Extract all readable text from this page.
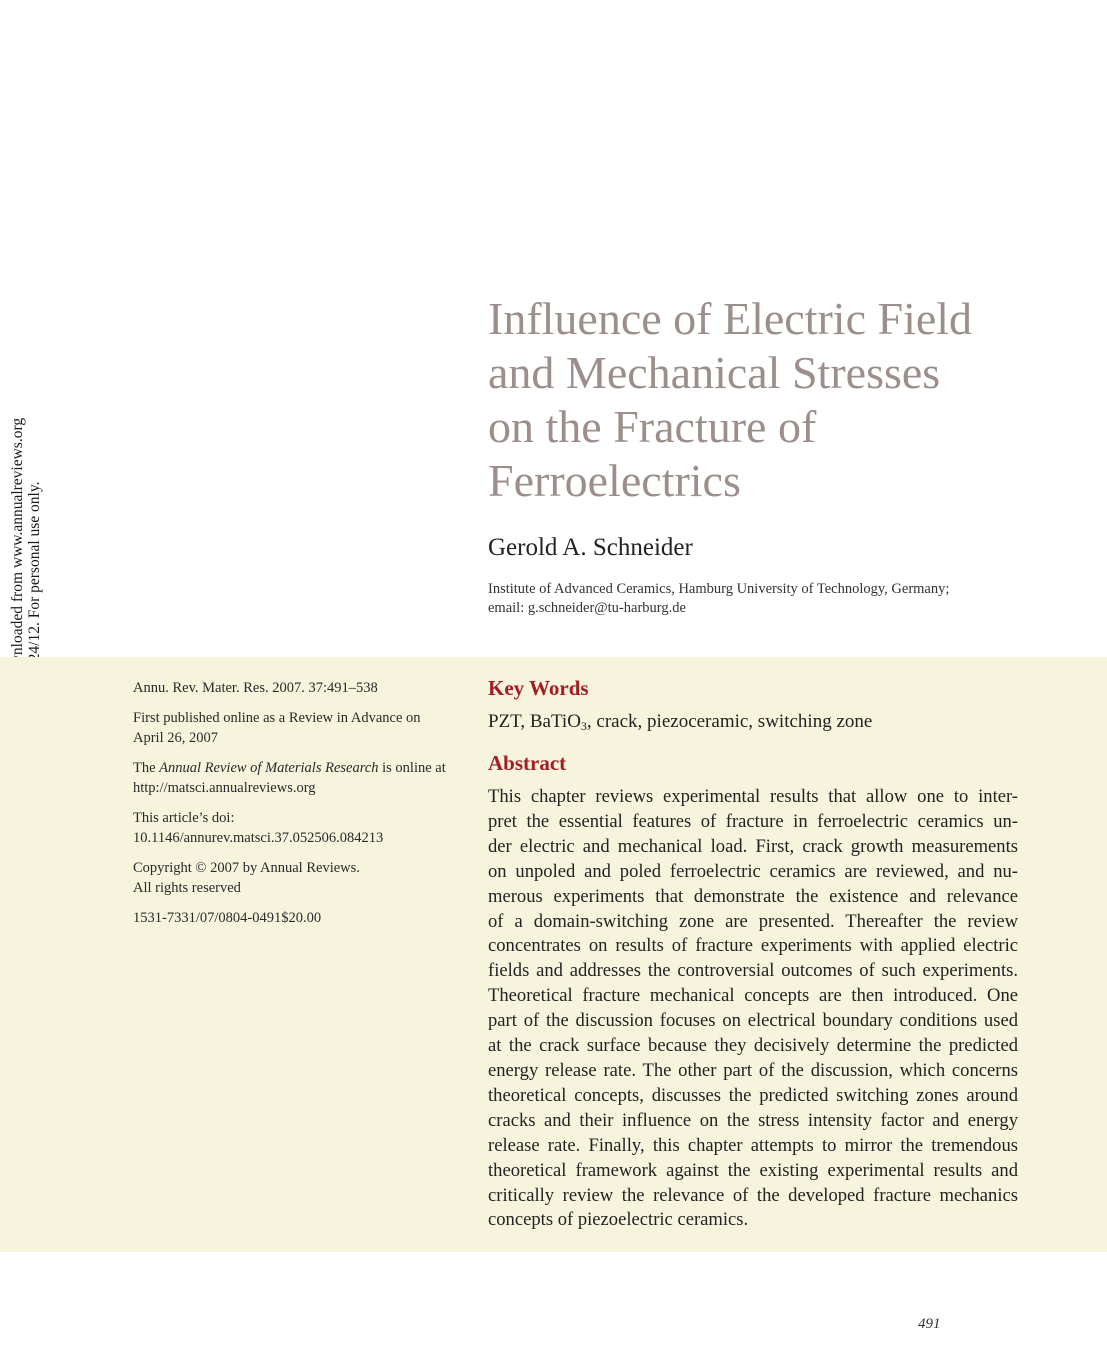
Influence of Electric Field
and Mechanical Stresses
on the Fracture of
Ferroelectrics
Gerold A. Schneider
Institute of Advanced Ceramics, Hamburg University of Technology, Germany;
email: g.schneider@tu-harburg.de

Annu. Rev. Mater. Res. 2007. 37:491–538

First published online as a Review in Advance on
April 26, 2007

The Annual Review of Materials Research is online at
http://matsci.annualreviews.org

This article’s doi:
10.1146/annurev.matsci.37.052506.084213

Copyright © 2007 by Annual Reviews.
All rights reserved

1531-7331/07/0804-0491$20.00

Key Words
PZT, BaTiO$_3$, crack, piezoceramic, switching zone
Abstract
This chapter reviews experimental results that allow one to inter-
pret the essential features of fracture in ferroelectric ceramics un-
der electric and mechanical load. First, crack growth measurements
on unpoled and poled ferroelectric ceramics are reviewed, and nu-
merous experiments that demonstrate the existence and relevance
of a domain-switching zone are presented. Thereafter the review
concentrates on results of fracture experiments with applied electric
fields and addresses the controversial outcomes of such experiments.
Theoretical fracture mechanical concepts are then introduced. One
part of the discussion focuses on electrical boundary conditions used
at the crack surface because they decisively determine the predicted
energy release rate. The other part of the discussion, which concerns
theoretical concepts, discusses the predicted switching zones around
cracks and their influence on the stress intensity factor and energy
release rate. Finally, this chapter attempts to mirror the tremendous
theoretical framework against the existing experimental results and
critically review the relevance of the developed fracture mechanics
concepts of piezoelectric ceramics.
491
